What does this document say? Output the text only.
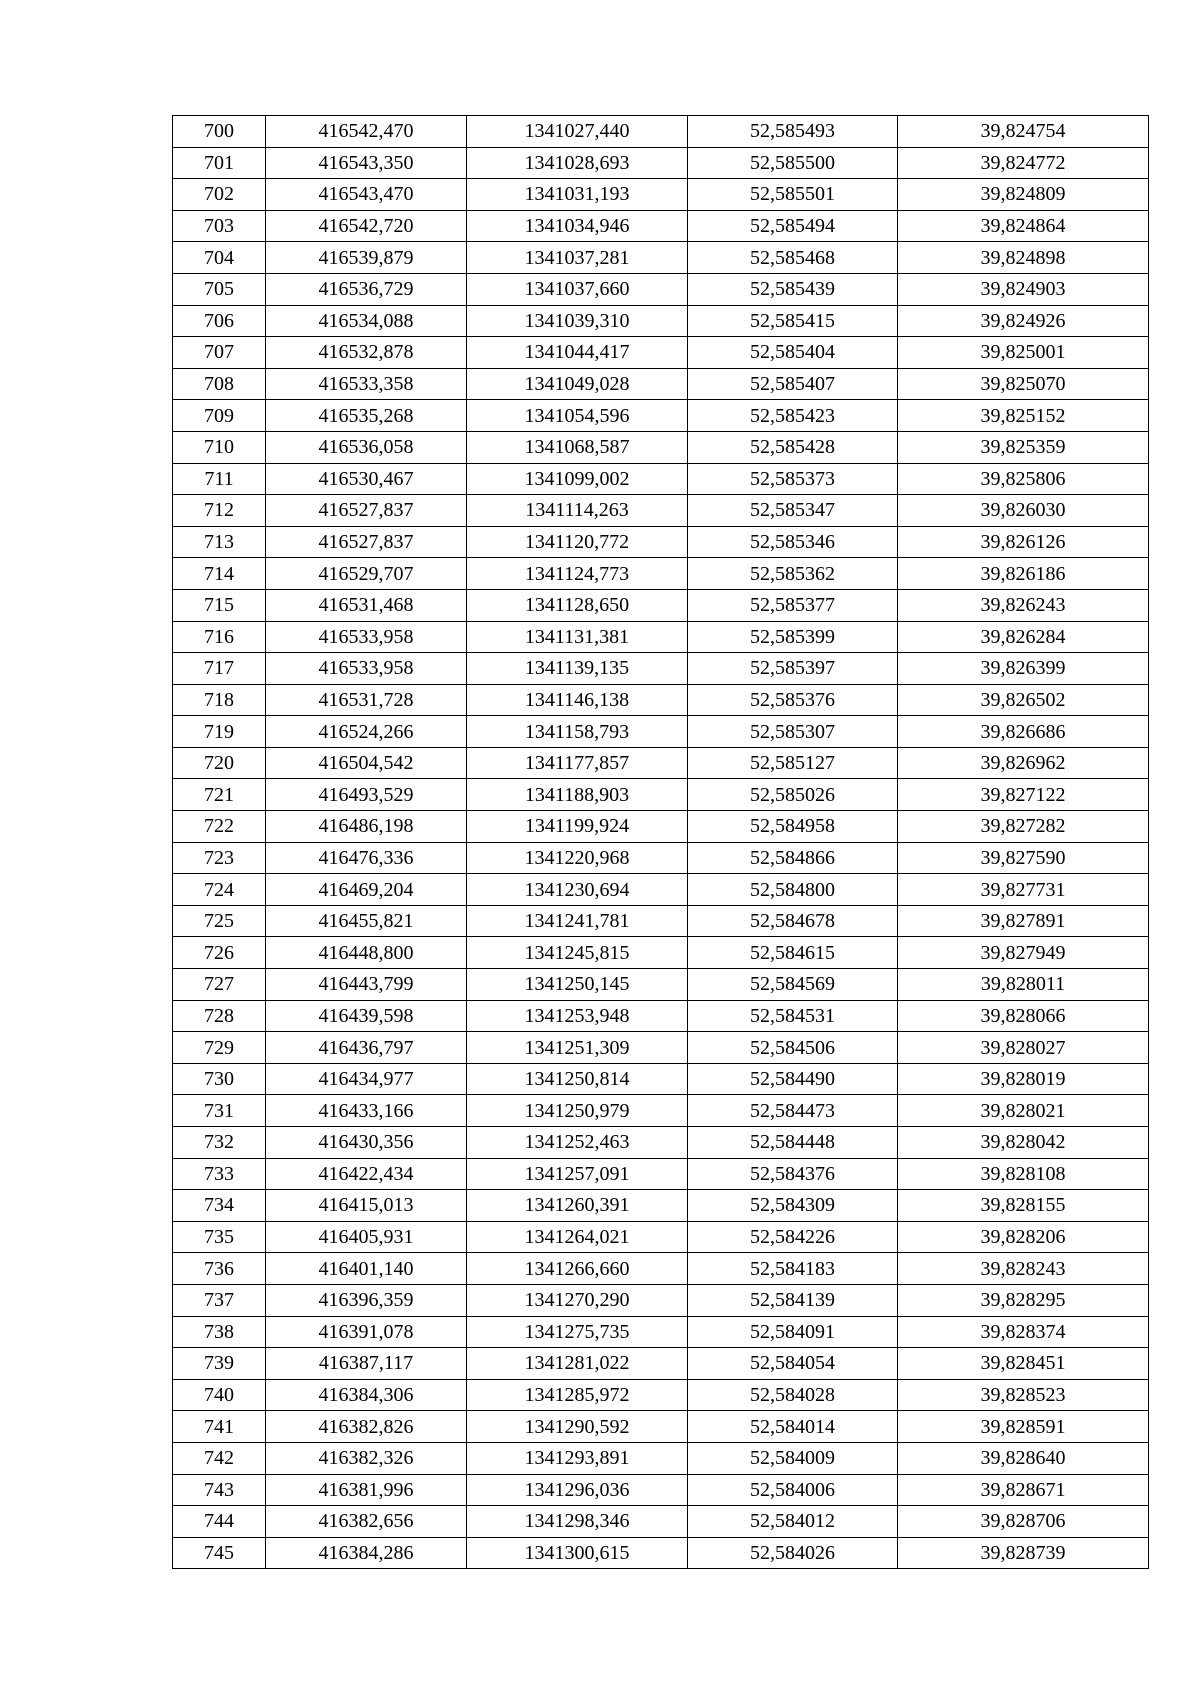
700	416542,470	1341027,440	52,585493	39,824754
701	416543,350	1341028,693	52,585500	39,824772
702	416543,470	1341031,193	52,585501	39,824809
703	416542,720	1341034,946	52,585494	39,824864
704	416539,879	1341037,281	52,585468	39,824898
705	416536,729	1341037,660	52,585439	39,824903
706	416534,088	1341039,310	52,585415	39,824926
707	416532,878	1341044,417	52,585404	39,825001
708	416533,358	1341049,028	52,585407	39,825070
709	416535,268	1341054,596	52,585423	39,825152
710	416536,058	1341068,587	52,585428	39,825359
711	416530,467	1341099,002	52,585373	39,825806
712	416527,837	1341114,263	52,585347	39,826030
713	416527,837	1341120,772	52,585346	39,826126
714	416529,707	1341124,773	52,585362	39,826186
715	416531,468	1341128,650	52,585377	39,826243
716	416533,958	1341131,381	52,585399	39,826284
717	416533,958	1341139,135	52,585397	39,826399
718	416531,728	1341146,138	52,585376	39,826502
719	416524,266	1341158,793	52,585307	39,826686
720	416504,542	1341177,857	52,585127	39,826962
721	416493,529	1341188,903	52,585026	39,827122
722	416486,198	1341199,924	52,584958	39,827282
723	416476,336	1341220,968	52,584866	39,827590
724	416469,204	1341230,694	52,584800	39,827731
725	416455,821	1341241,781	52,584678	39,827891
726	416448,800	1341245,815	52,584615	39,827949
727	416443,799	1341250,145	52,584569	39,828011
728	416439,598	1341253,948	52,584531	39,828066
729	416436,797	1341251,309	52,584506	39,828027
730	416434,977	1341250,814	52,584490	39,828019
731	416433,166	1341250,979	52,584473	39,828021
732	416430,356	1341252,463	52,584448	39,828042
733	416422,434	1341257,091	52,584376	39,828108
734	416415,013	1341260,391	52,584309	39,828155
735	416405,931	1341264,021	52,584226	39,828206
736	416401,140	1341266,660	52,584183	39,828243
737	416396,359	1341270,290	52,584139	39,828295
738	416391,078	1341275,735	52,584091	39,828374
739	416387,117	1341281,022	52,584054	39,828451
740	416384,306	1341285,972	52,584028	39,828523
741	416382,826	1341290,592	52,584014	39,828591
742	416382,326	1341293,891	52,584009	39,828640
743	416381,996	1341296,036	52,584006	39,828671
744	416382,656	1341298,346	52,584012	39,828706
745	416384,286	1341300,615	52,584026	39,828739
